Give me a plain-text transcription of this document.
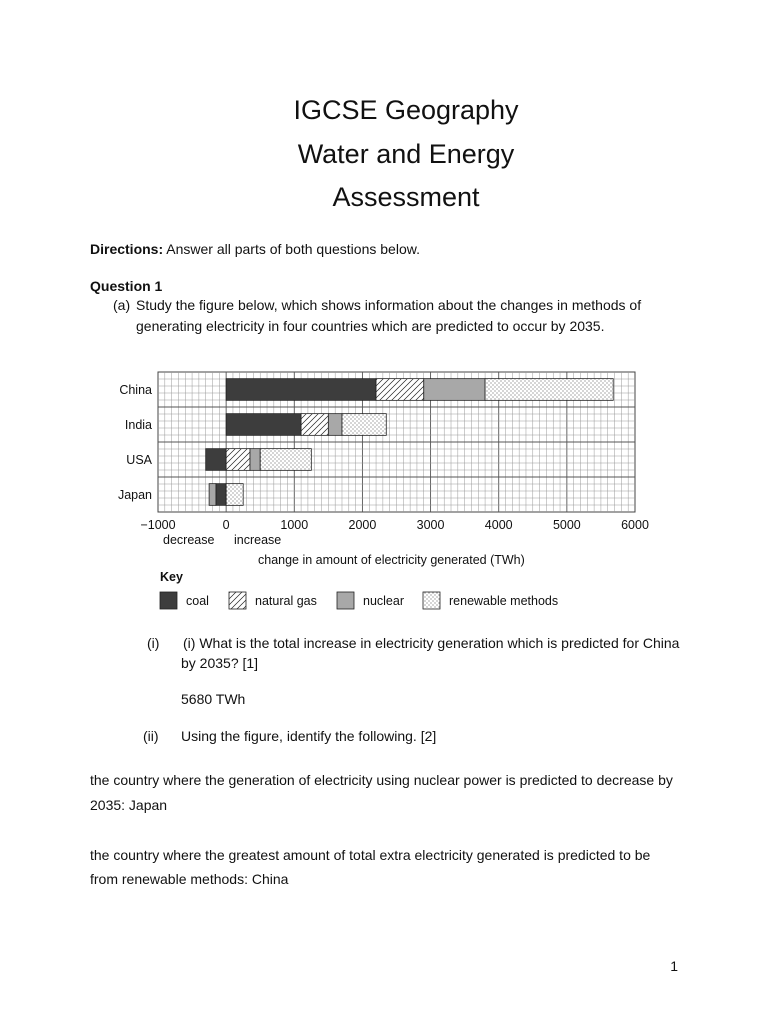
IGCSE Geography
Water and Energy
Assessment
Directions: Answer all parts of both questions below.
Question 1
(a) Study the figure below, which shows information about the changes in methods of
generating electricity in four countries which are predicted to occur by 2035.
China
India
USA
Japan
−1000	0	1000	2000	3000	4000	5000	6000
decrease increase
change in amount of electricity generated (TWh)
Key
coal	natural gas	nuclear	renewable methods
(i) (i) What is the total increase in electricity generation which is predicted for China
by 2035? [1]
5680 TWh
(ii) Using the figure, identify the following. [2]
the country where the generation of electricity using nuclear power is predicted to decrease by
2035: Japan
the country where the greatest amount of total extra electricity generated is predicted to be
from renewable methods: China
1
